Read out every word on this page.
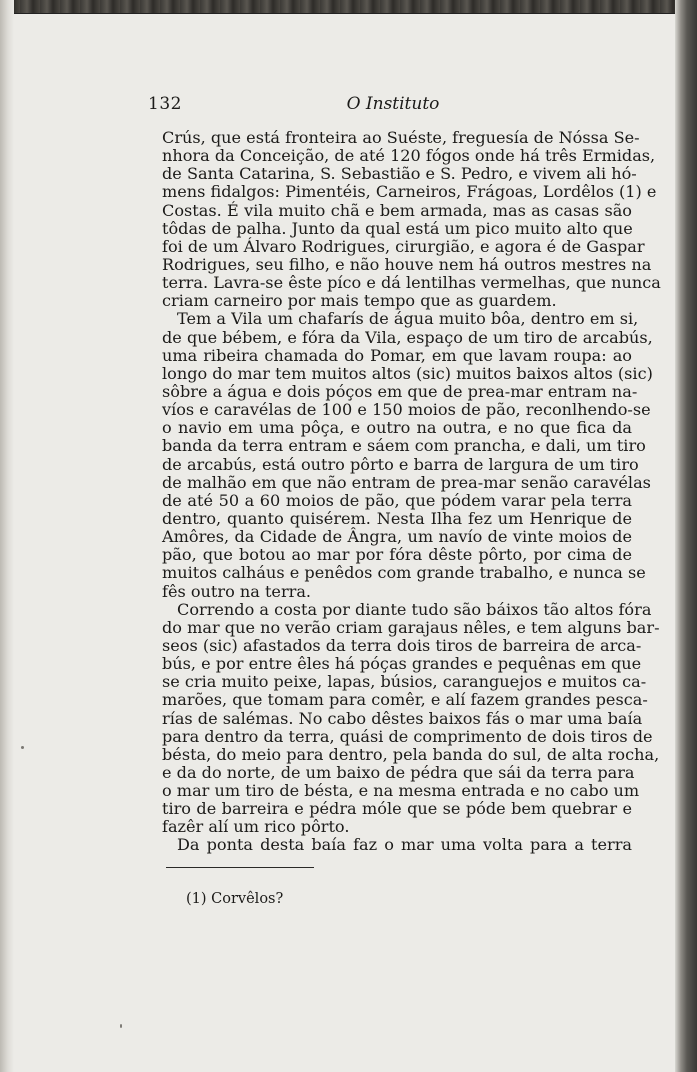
132	O Instituto
Crús, que está fronteira ao Suéste, freguesía de Nóssa Se-
nhora da Conceição, de até 120 fógos onde há três Ermidas,
de Santa Catarina, S. Sebastião e S. Pedro, e vivem ali hó-
mens fidalgos: Pimentéis, Carneiros, Frágoas, Lordêlos (1) e
Costas. É vila muito chã e bem armada, mas as casas são
tôdas de palha. Junto da qual está um pico muito alto que
foi de um Álvaro Rodrigues, cirurgião, e agora é de Gaspar
Rodrigues, seu filho, e não houve nem há outros mestres na
terra. Lavra-se êste píco e dá lentilhas vermelhas, que nunca
criam carneiro por mais tempo que as guardem.
Tem a Vila um chafarís de água muito bôa, dentro em si,
de que bébem, e fóra da Vila, espaço de um tiro de arcabús,
uma ribeira chamada do Pomar, em que lavam roupa: ao
longo do mar tem muitos altos (sic) muitos baixos altos (sic)
sôbre a água e dois póços em que de prea-mar entram na-
víos e caravélas de 100 e 150 moios de pão, reconlhendo-se
o navio em uma pôça, e outro na outra, e no que fica da
banda da terra entram e sáem com prancha, e dali, um tiro
de arcabús, está outro pôrto e barra de largura de um tiro
de malhão em que não entram de prea-mar senão caravélas
de até 50 a 60 moios de pão, que pódem varar pela terra
dentro, quanto quisérem. Nesta Ilha fez um Henrique de
Amôres, da Cidade de Ângra, um navío de vinte moios de
pão, que botou ao mar por fóra dêste pôrto, por cima de
muitos calháus e penêdos com grande trabalho, e nunca se
fês outro na terra.
Correndo a costa por diante tudo são báixos tão altos fóra
do mar que no verão criam garajaus nêles, e tem alguns bar-
seos (sic) afastados da terra dois tiros de barreira de arca-
bús, e por entre êles há póças grandes e pequênas em que
se cria muito peixe, lapas, búsios, caranguejos e muitos ca-
marões, que tomam para comêr, e alí fazem grandes pesca-
rías de salémas. No cabo dêstes baixos fás o mar uma baía
para dentro da terra, quási de comprimento de dois tiros de
bésta, do meio para dentro, pela banda do sul, de alta rocha,
e da do norte, de um baixo de pédra que sái da terra para
o mar um tiro de bésta, e na mesma entrada e no cabo um
tiro de barreira e pédra móle que se póde bem quebrar e
fazêr alí um rico pôrto.
Da ponta desta baía faz o mar uma volta para a terra
(1) Corvêlos?
